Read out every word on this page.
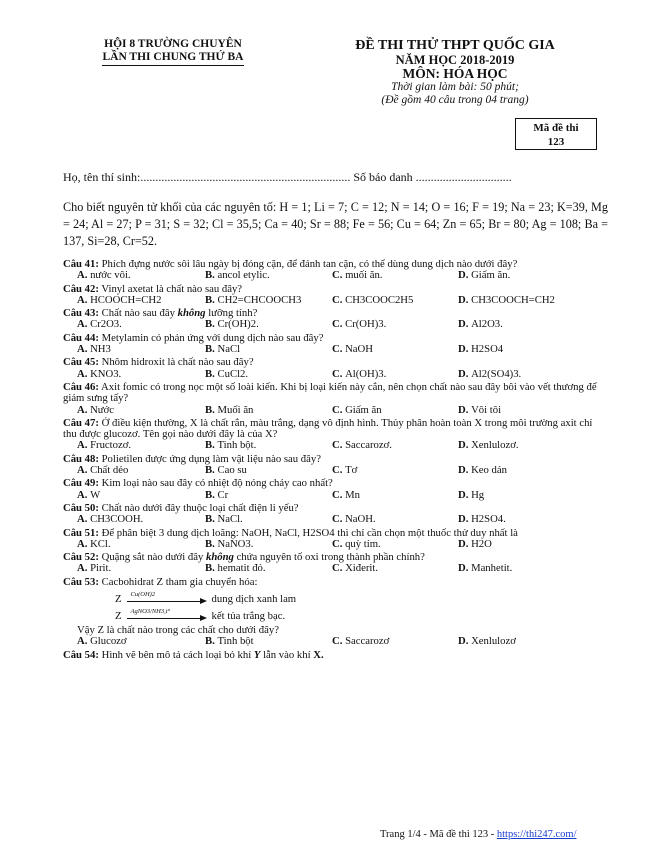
HỘI 8 TRƯỜNG CHUYÊN
LẦN THI CHUNG THỨ BA
ĐỀ THI THỬ THPT QUỐC GIA
NĂM HỌC 2018-2019
MÔN: HÓA HỌC
Thời gian làm bài: 50 phút;
(Đề gồm 40 câu trong 04 trang)
Mã đề thi
123
Họ, tên thí sinh:...................................................................... Số báo danh ................................
Cho biết nguyên tử khối của các nguyên tố: H = 1; Li = 7; C = 12; N = 14; O = 16; F = 19; Na = 23; K=39, Mg = 24; Al = 27; P = 31; S = 32; Cl = 35,5; Ca = 40; Sr = 88; Fe = 56; Cu = 64; Zn = 65; Br = 80; Ag = 108; Ba = 137, Si=28, Cr=52.
Câu 41: Phích đựng nước sôi lâu ngày bị đóng cặn, để đánh tan cặn, có thể dùng dung dịch nào dưới đây?
A. nước vôi.	B. ancol etylic.	C. muối ăn.	D. Giấm ăn.
Câu 42: Vinyl axetat là chất nào sau đây?
A. HCOOCH=CH2	B. CH2=CHCOOCH3	C. CH3COOC2H5	D. CH3COOCH=CH2
Câu 43: Chất nào sau đây không lưỡng tính?
A. Cr2O3.	B. Cr(OH)2.	C. Cr(OH)3.	D. Al2O3.
Câu 44: Metylamin có phản ứng với dung dịch nào sau đây?
A. NH3	B. NaCl	C. NaOH	D. H2SO4
Câu 45: Nhôm hidroxit là chất nào sau đây?
A. KNO3.	B. CuCl2.	C. Al(OH)3.	D. Al2(SO4)3.
Câu 46: Axit fomic có trong nọc một số loài kiến. Khi bị loại kiến này cắn, nên chọn chất nào sau đây bôi vào vết thương để giảm sưng tấy?
A. Nước	B. Muối ăn	C. Giấm ăn	D. Vôi tôi
Câu 47: Ở điều kiện thường, X là chất rắn, màu trắng, dạng vô định hình. Thủy phân hoàn toàn X trong môi trường axit chỉ thu được glucozơ. Tên gọi nào dưới đây là của X?
A. Fructozơ.	B. Tinh bột.	C. Saccarozơ.	D. Xenlulozơ.
Câu 48: Polietilen được ứng dụng làm vật liệu nào sau đây?
A. Chất dẻo	B. Cao su	C. Tơ	D. Keo dán
Câu 49: Kim loại nào sau đây có nhiệt độ nóng chảy cao nhất?
A. W	B. Cr	C. Mn	D. Hg
Câu 50: Chất nào dưới đây thuộc loại chất điện li yếu?
A. CH3COOH.	B. NaCl.	C. NaOH.	D. H2SO4.
Câu 51: Để phân biệt 3 dung dịch loãng: NaOH, NaCl, H2SO4 thì chỉ cần chọn một thuốc thử duy nhất là
A. KCl.	B. NaNO3.	C. quỳ tím.	D. H2O
Câu 52: Quặng sắt nào dưới đây không chứa nguyên tố oxi trong thành phần chính?
A. Pirit.	B. hematit đỏ.	C. Xiđerit.	D. Manhetit.
Câu 53: Cacbohidrat Z tham gia chuyển hóa:
Z Cu(OH)2	dung dịch xanh lam
Z AgNO3/NH3,t°	kết tủa trắng bạc.
Vậy Z là chất nào trong các chất cho dưới đây?
A. Glucozơ	B. Tinh bột	C. Saccarozơ	D. Xenlulozơ
Câu 54: Hình vẽ bên mô tả cách loại bỏ khí Y lẫn vào khí X.
Trang 1/4 - Mã đề thi 123 - https://thi247.com/
